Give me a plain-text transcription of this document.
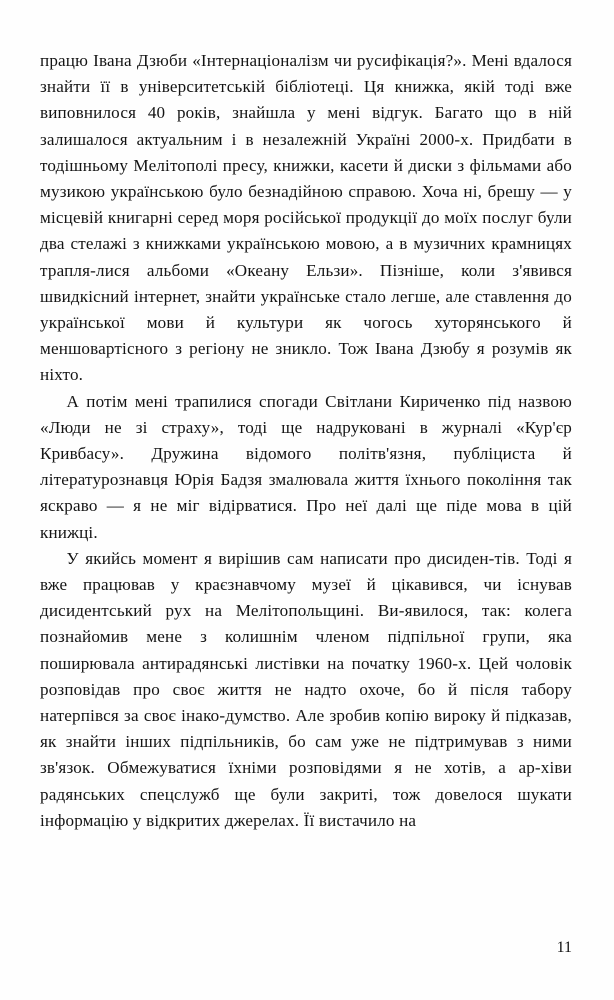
працю Івана Дзюби «Інтернаціоналізм чи русифікація?». Мені вдалося знайти її в університетській бібліотеці. Ця книжка, якій тоді вже виповнилося 40 років, знайшла у мені відгук. Багато що в ній залишалося актуальним і в незалежній Україні 2000-х. Придбати в тодішньому Мелітополі пресу, книжки, касети й диски з фільмами або музикою українською було безнадійною справою. Хоча ні, брешу — у місцевій книгарні серед моря російської продукції до моїх послуг були два стелажі з книжками українською мовою, а в музичних крамницях трапля-лися альбоми «Океану Ельзи». Пізніше, коли з'явився швидкісний інтернет, знайти українське стало легше, але ставлення до української мови й культури як чогось хуторянського й меншовартісного з регіону не зникло. Тож Івана Дзюбу я розумів як ніхто.

А потім мені трапилися спогади Світлани Кириченко під назвою «Люди не зі страху», тоді ще надруковані в журналі «Кур'єр Кривбасу». Дружина відомого політв'язня, публіциста й літературознавця Юрія Бадзя змалювала життя їхнього покоління так яскраво — я не міг відірватися. Про неї далі ще піде мова в цій книжці.

У якийсь момент я вирішив сам написати про дисиден-тів. Тоді я вже працював у краєзнавчому музеї й цікавився, чи існував дисидентський рух на Мелітопольщині. Ви-явилося, так: колега познайомив мене з колишнім членом підпільної групи, яка поширювала антирадянські листівки на початку 1960-х. Цей чоловік розповідав про своє життя не надто охоче, бо й після табору натерпівся за своє інако-думство. Але зробив копію вироку й підказав, як знайти інших підпільників, бо сам уже не підтримував з ними зв'язок. Обмежуватися їхніми розповідями я не хотів, а ар-хіви радянських спецслужб ще були закриті, тож довелося шукати інформацію у відкритих джерелах. Її вистачило на

11
